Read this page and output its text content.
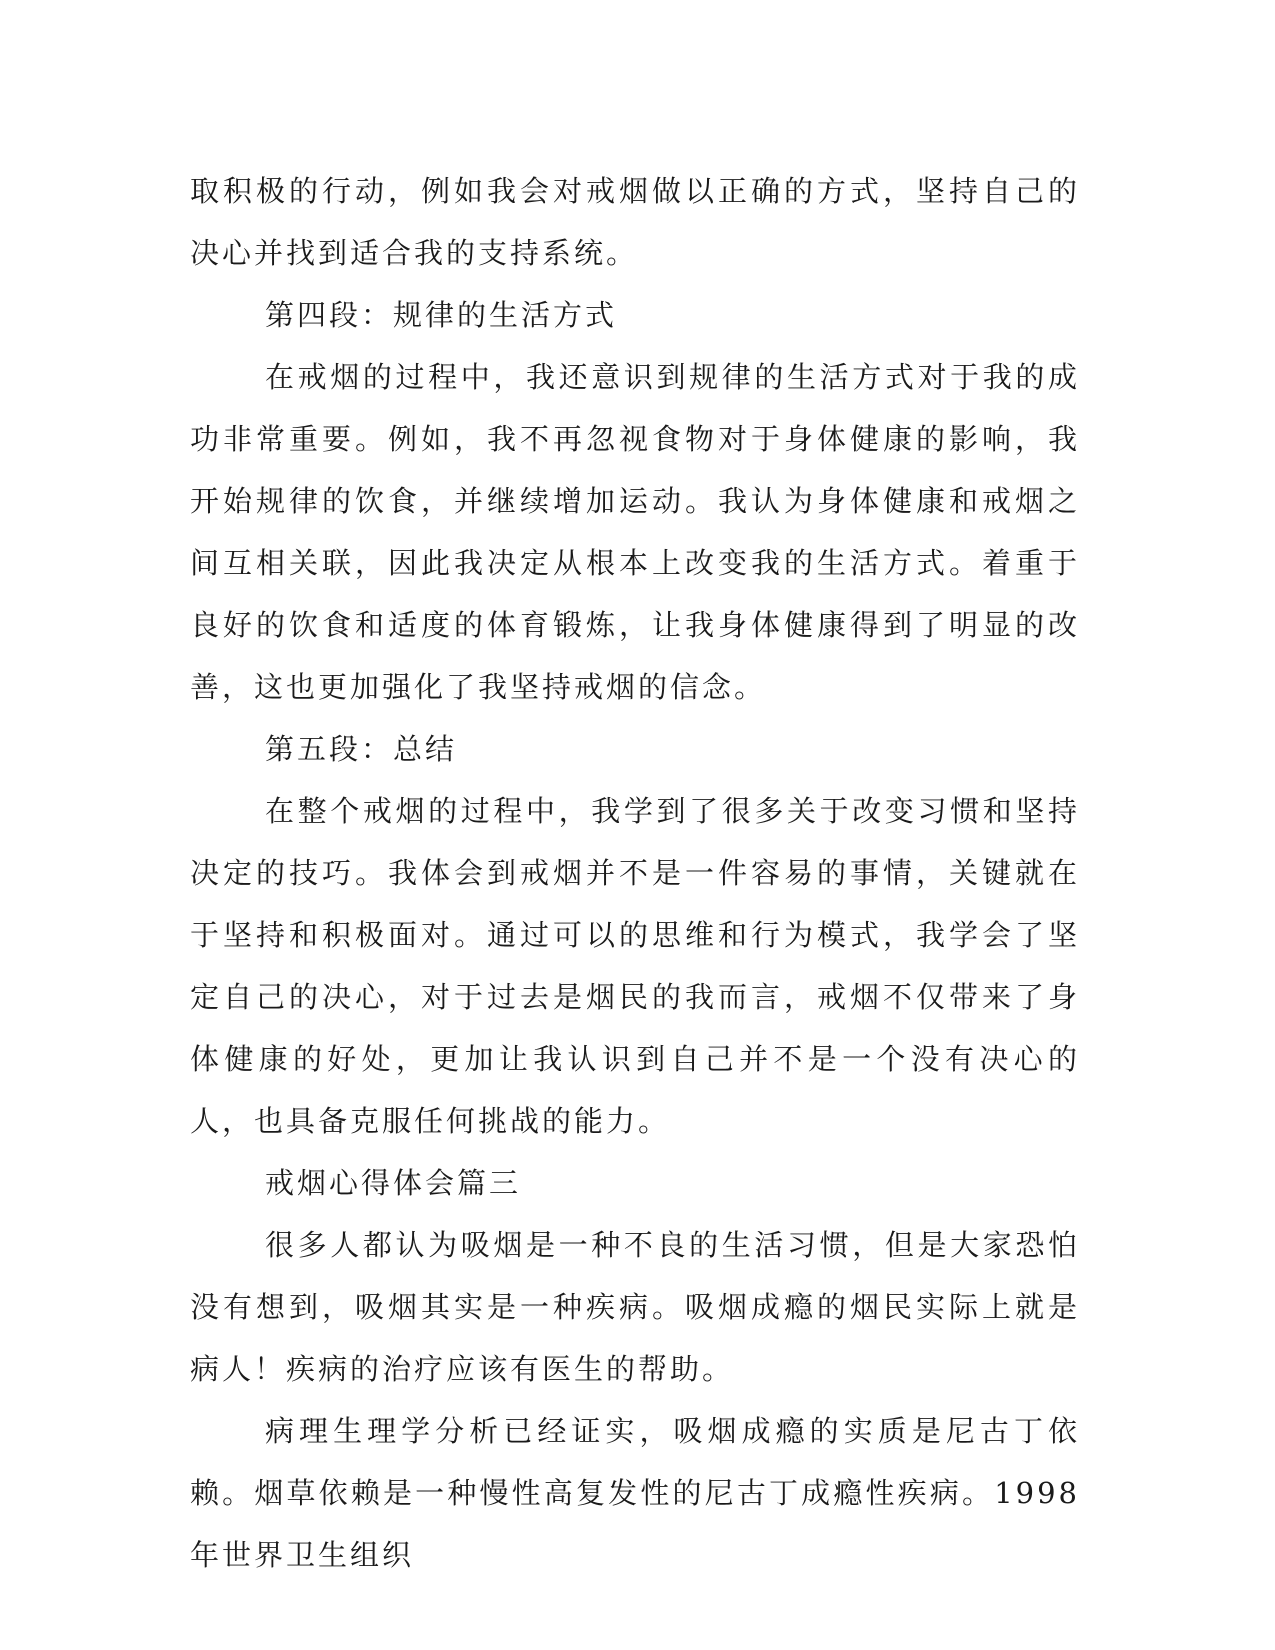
取积极的行动，例如我会对戒烟做以正确的方式，坚持自己的决心并找到适合我的支持系统。

第四段：规律的生活方式

在戒烟的过程中，我还意识到规律的生活方式对于我的成功非常重要。例如，我不再忽视食物对于身体健康的影响，我开始规律的饮食，并继续增加运动。我认为身体健康和戒烟之间互相关联，因此我决定从根本上改变我的生活方式。着重于良好的饮食和适度的体育锻炼，让我身体健康得到了明显的改善，这也更加强化了我坚持戒烟的信念。

第五段：总结

在整个戒烟的过程中，我学到了很多关于改变习惯和坚持决定的技巧。我体会到戒烟并不是一件容易的事情，关键就在于坚持和积极面对。通过可以的思维和行为模式，我学会了坚定自己的决心，对于过去是烟民的我而言，戒烟不仅带来了身体健康的好处，更加让我认识到自己并不是一个没有决心的人，也具备克服任何挑战的能力。

戒烟心得体会篇三

很多人都认为吸烟是一种不良的生活习惯，但是大家恐怕没有想到，吸烟其实是一种疾病。吸烟成瘾的烟民实际上就是病人！疾病的治疗应该有医生的帮助。

病理生理学分析已经证实，吸烟成瘾的实质是尼古丁依赖。烟草依赖是一种慢性高复发性的尼古丁成瘾性疾病。1998 年世界卫生组织
